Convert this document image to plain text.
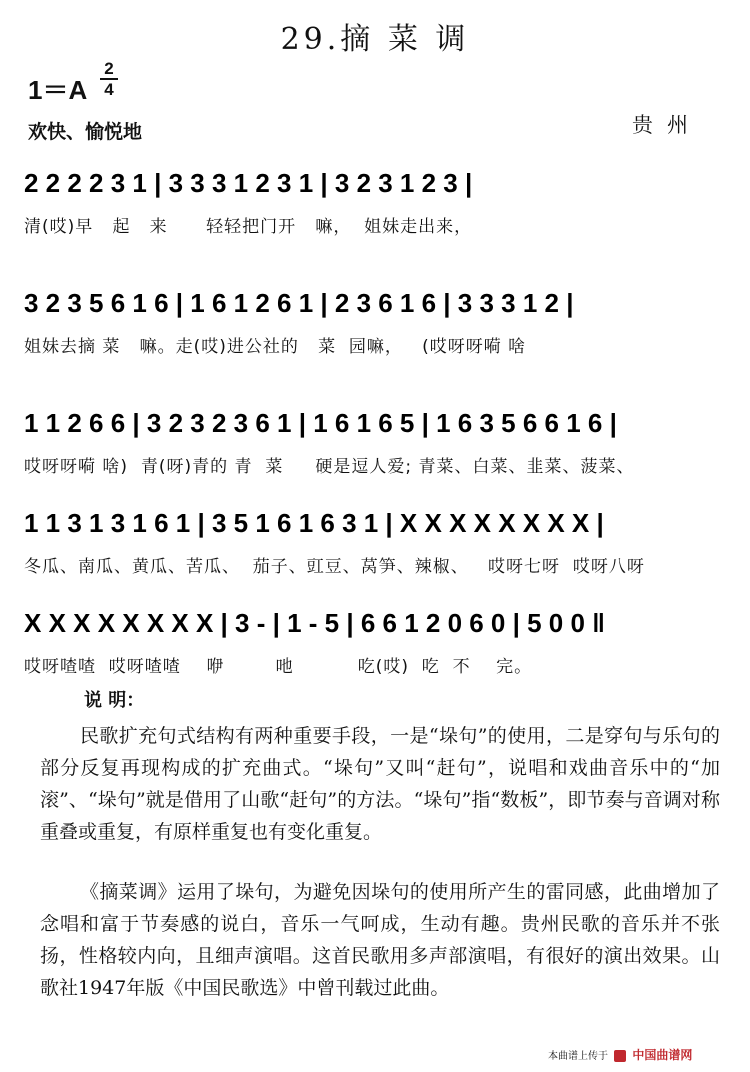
29.摘 菜 调
1＝A
2
4
欢快、愉悦地	贵州
2 2 2 2 3 1 | 3 3 3 1 2 3 1 | 3 2 3 1 2 3 |
清(哎)早   起   来      轻轻把门开   嘛，  姐妹走出来，
3 2 3 5 6 1 6 | 1 6 1 2 6 1 | 2 3 6 1 6 | 3 3 3 1 2 |
姐妹去摘 菜   嘛。走(哎)进公社的   菜  园嘛，   (哎呀呀嗬 啥
1 1 2 6 6 | 3 2 3 2 3 6 1 | 1 6 1 6 5 | 1 6 3 5 6 6 1 6 |
哎呀呀嗬 啥)  青(呀)青的 青  菜     硬是逗人爱; 青菜、白菜、韭菜、菠菜、
1 1 3 1 3 1 6 1 | 3 5 1 6 1 6 3 1 | X X X X X X X X |
冬瓜、南瓜、黄瓜、苦瓜、  茄子、豇豆、莴笋、辣椒、   哎呀七呀  哎呀八呀
X X X X X X X X | 3 - | 1 - 5 | 6 6 1 2 0 6 0 | 5 0 0 ‖
哎呀喳喳  哎呀喳喳    咿        吔          吃(哎)  吃  不    完。
说 明：
民歌扩充句式结构有两种重要手段，一是“垛句”的使用，二是穿句与乐句的部分反复再现构成的扩充曲式。“垛句”又叫“赶句”，说唱和戏曲音乐中的“加滚”、“垛句”就是借用了山歌“赶句”的方法。“垛句”指“数板”，即节奏与音调对称重叠或重复，有原样重复也有变化重复。
《摘菜调》运用了垛句，为避免因垛句的使用所产生的雷同感，此曲增加了念唱和富于节奏感的说白，音乐一气呵成，生动有趣。贵州民歌的音乐并不张扬，性格较内向，且细声演唱。这首民歌用多声部演唱，有很好的演出效果。山歌社1947年版《中国民歌选》中曾刊载过此曲。
本曲谱上传于 中国曲谱网
